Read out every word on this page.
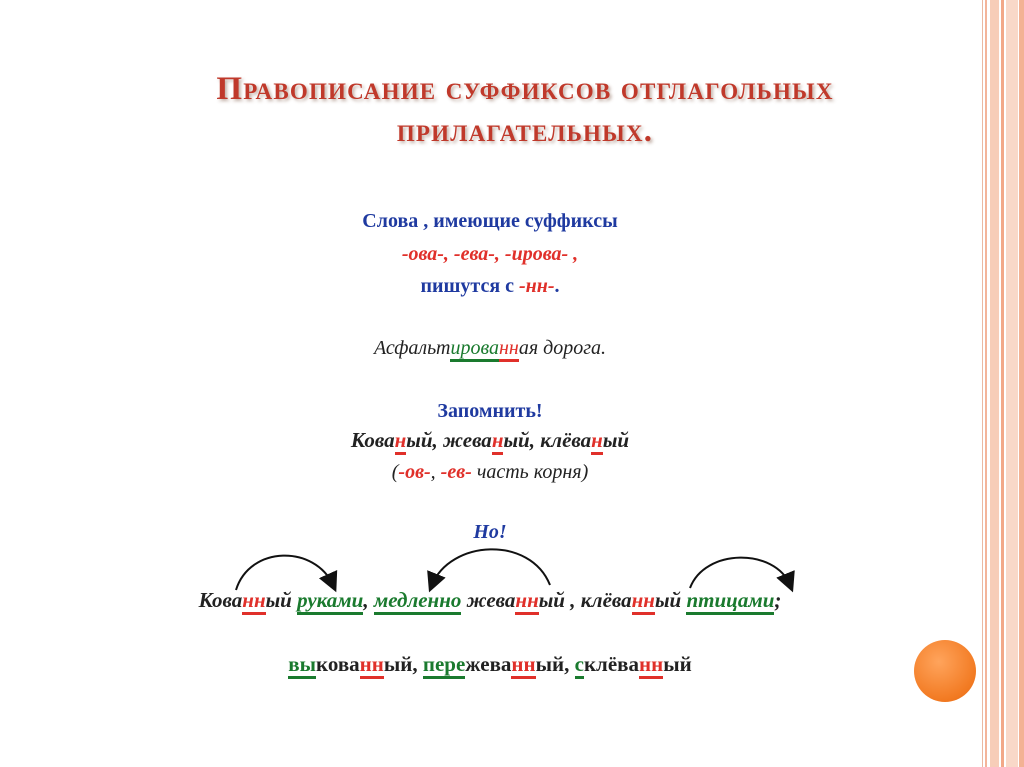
Правописание суффиксов отглагольных
прилагательных.
Слова , имеющие суффиксы
-ова-, -ева-, -ирова- ,
пишутся с -нн-.
Асфальтированная дорога.
Запомнить!
Кованый, жеваный, клёваный
(-ов-, -ев- часть корня)
Но!
Кованный руками, медленно жеванный , клёванный птицами;
выкованный, пережеванный, склёванный
